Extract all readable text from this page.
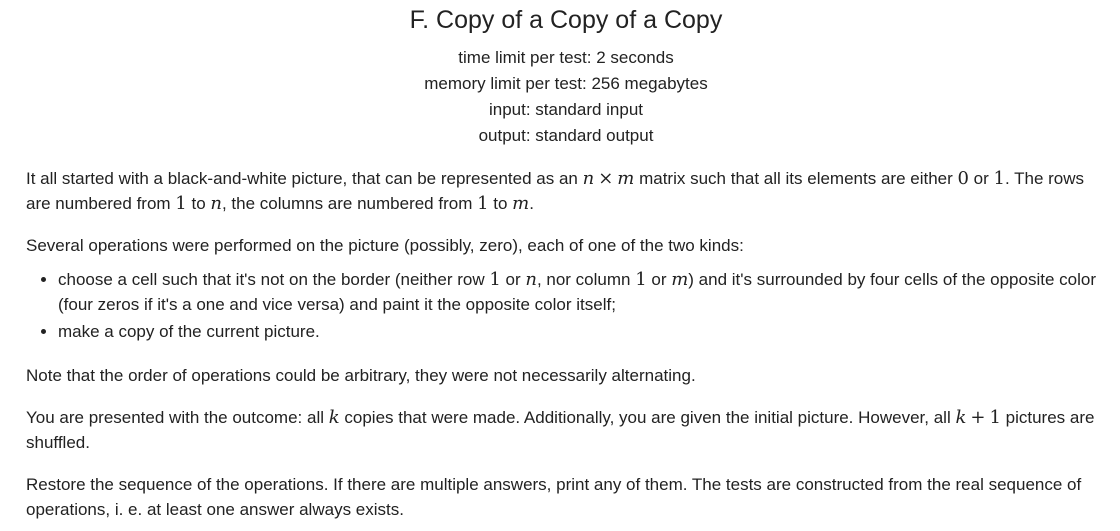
F. Copy of a Copy of a Copy
time limit per test: 2 seconds
memory limit per test: 256 megabytes
input: standard input
output: standard output

It all started with a black-and-white picture, that can be represented as an n × m matrix such that all its elements are either 0 or 1. The rows are numbered from 1 to n, the columns are numbered from 1 to m.

Several operations were performed on the picture (possibly, zero), each of one of the two kinds:

• choose a cell such that it's not on the border (neither row 1 or n, nor column 1 or m) and it's surrounded by four cells of the opposite color (four zeros if it's a one and vice versa) and paint it the opposite color itself;
• make a copy of the current picture.

Note that the order of operations could be arbitrary, they were not necessarily alternating.

You are presented with the outcome: all k copies that were made. Additionally, you are given the initial picture. However, all k + 1 pictures are shuffled.

Restore the sequence of the operations. If there are multiple answers, print any of them. The tests are constructed from the real sequence of operations, i. e. at least one answer always exists.
